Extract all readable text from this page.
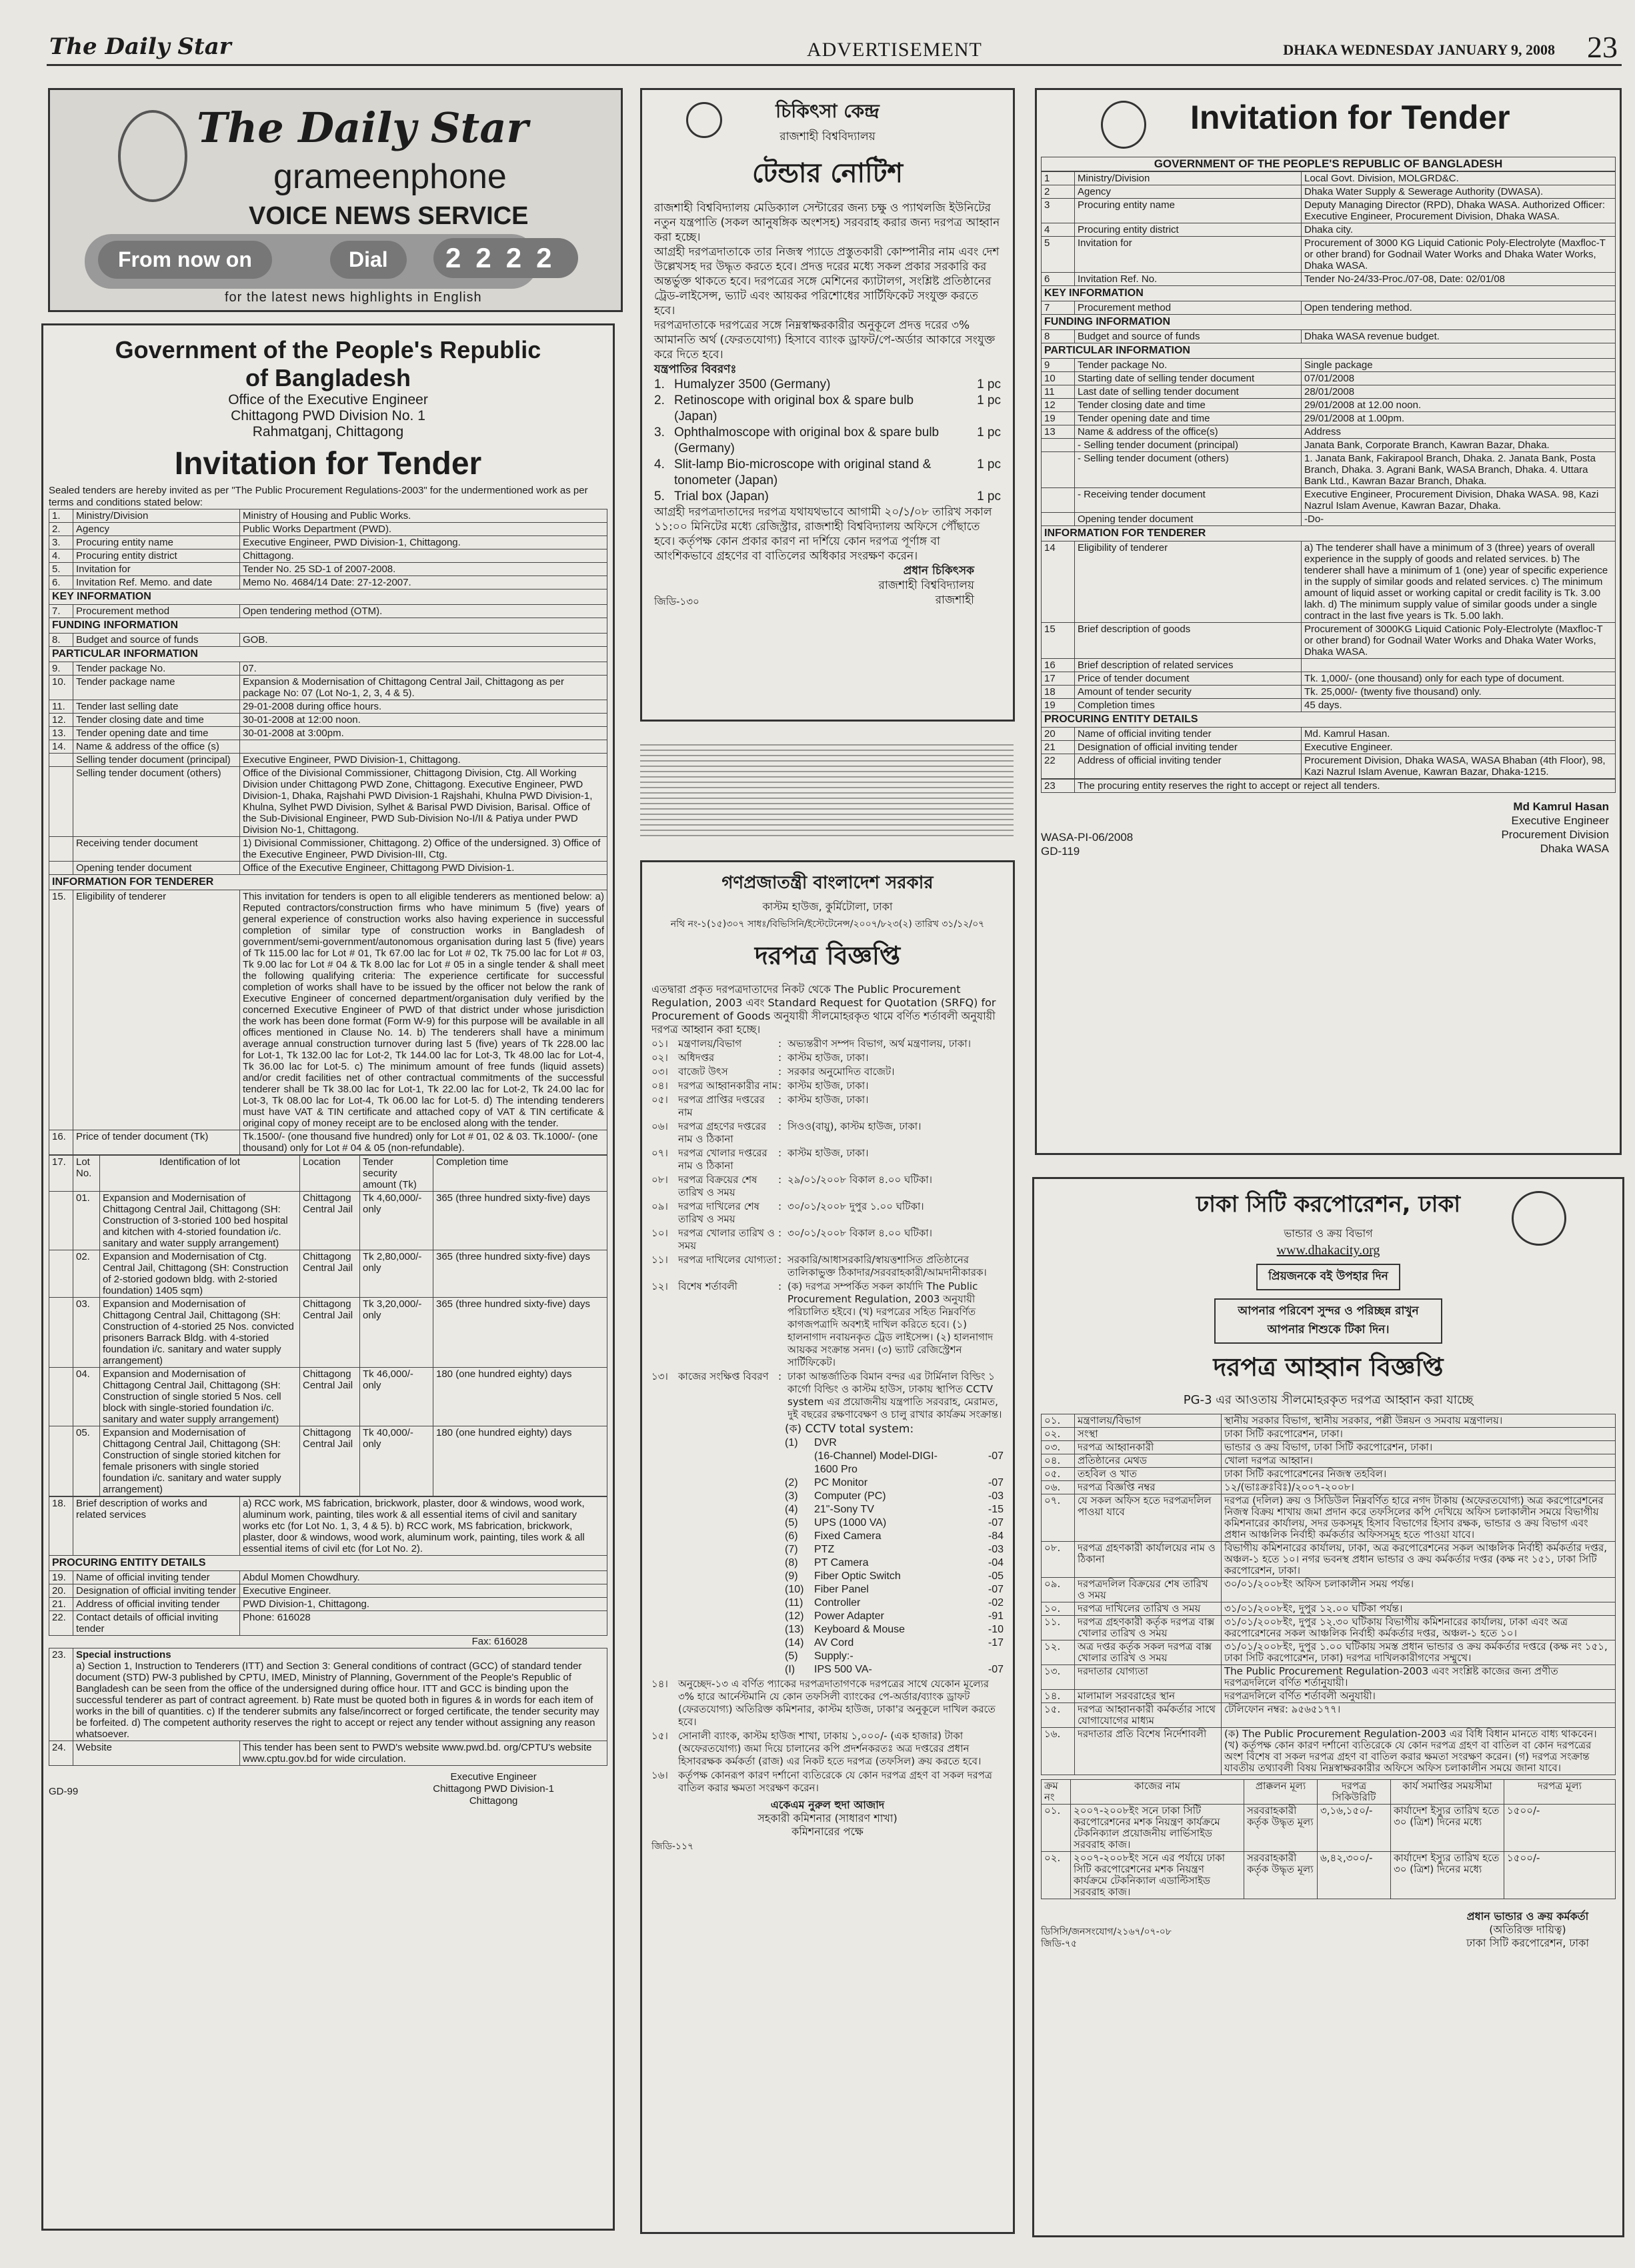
The Daily Star	ADVERTISEMENT	DHAKA WEDNESDAY JANUARY 9, 2008 23
The Daily Star
grameenphone
VOICE NEWS SERVICE
From now on	Dial	2222
for the latest news highlights in English
Government of the People's Republic of Bangladesh
Office of the Executive Engineer
Chittagong PWD Division No. 1
Rahmatganj, Chittagong
Invitation for Tender
Sealed tenders are hereby invited as per "The Public Procurement Regulations-2003" for the undermentioned work as per terms and conditions stated below:
1.	Ministry/Division	Ministry of Housing and Public Works.
2.	Agency	Public Works Department (PWD).
3.	Procuring entity name	Executive Engineer, PWD Division-1, Chittagong.
4.	Procuring entity district	Chittagong.
5.	Invitation for	Tender No. 25 SD-1 of 2007-2008.
6.	Invitation Ref. Memo. and date	Memo No. 4684/14 Date: 27-12-2007.
KEY INFORMATION
7.	Procurement method	Open tendering method (OTM).
FUNDING INFORMATION
8.	Budget and source of funds	GOB.
PARTICULAR INFORMATION
9.	Tender package No.	07.
10.	Tender package name	Expansion & Modernisation of Chittagong Central Jail, Chittagong as per package No: 07 (Lot No-1, 2, 3, 4 & 5).
11.	Tender last selling date	29-01-2008 during office hours.
12.	Tender closing date and time	30-01-2008 at 12:00 noon.
13.	Tender opening date and time	30-01-2008 at 3:00pm.
14.	Name & address of the office (s)	
	Selling tender document (principal)	Executive Engineer, PWD Division-1, Chittagong.
	Selling tender document (others)	Office of the Divisional Commissioner, Chittagong Division, Ctg. All Working Division under Chittagong PWD Zone, Chittagong. Executive Engineer, PWD Division-1, Dhaka, Rajshahi PWD Division-1 Rajshahi, Khulna PWD Division-1, Khulna, Sylhet PWD Division, Sylhet & Barisal PWD Division, Barisal. Office of the Sub-Divisional Engineer, PWD Sub-Division No-I/II & Patiya under PWD Division No-1, Chittagong.
	Receiving tender document	1) Divisional Commissioner, Chittagong. 2) Office of the undersigned. 3) Office of the Executive Engineer, PWD Division-III, Ctg.
	Opening tender document	Office of the Executive Engineer, Chittagong PWD Division-1.
INFORMATION FOR TENDERER
15.	Eligibility of tenderer	This invitation for tenders is open to all eligible tenderers as mentioned below: a) Reputed contractors/construction firms who have minimum 5 (five) years of general experience of construction works also having experience in successful completion of similar type of construction works in Bangladesh of government/semi-government/autonomous organisation during last 5 (five) years of Tk 115.00 lac for Lot # 01, Tk 67.00 lac for Lot # 02, Tk 75.00 lac for Lot # 03, Tk 9.00 lac for Lot # 04 & Tk 8.00 lac for Lot # 05 in a single tender & shall meet the following qualifying criteria: The experience certificate for successful completion of works shall have to be issued by the officer not below the rank of Executive Engineer of concerned department/organisation duly verified by the concerned Executive Engineer of PWD of that district under whose jurisdiction the work has been done format (Form W-9) for this purpose will be available in all offices mentioned in Clause No. 14. b) The tenderers shall have a minimum average annual construction turnover during last 5 (five) years of Tk 228.00 lac for Lot-1, Tk 132.00 lac for Lot-2, Tk 144.00 lac for Lot-3, Tk 48.00 lac for Lot-4, Tk 36.00 lac for Lot-5. c) The minimum amount of free funds (liquid assets) and/or credit facilities net of other contractual commitments of the successful tenderer shall be Tk 38.00 lac for Lot-1, Tk 22.00 lac for Lot-2, Tk 24.00 lac for Lot-3, Tk 08.00 lac for Lot-4, Tk 06.00 lac for Lot-5. d) The intending tenderers must have VAT & TIN certificate and attached copy of VAT & TIN certificate & original copy of money receipt are to be enclosed along with the tender.
16.	Price of tender document (Tk)	Tk.1500/- (one thousand five hundred) only for Lot # 01, 02 & 03. Tk.1000/- (one thousand) only for Lot # 04 & 05 (non-refundable).
17.	Lot No.	Identification of lot	Location	Tender security amount (Tk)	Completion time
	01.	Expansion and Modernisation of Chittagong Central Jail, Chittagong (SH: Construction of 3-storied 100 bed hospital and kitchen with 4-storied foundation i/c. sanitary and water supply arrangement)	Chittagong Central Jail	Tk 4,60,000/- only	365 (three hundred sixty-five) days
	02.	Expansion and Modernisation of Ctg. Central Jail, Chittagong (SH: Construction of 2-storied godown bldg. with 2-storied foundation) 1405 sqm)	Chittagong Central Jail	Tk 2,80,000/- only	365 (three hundred sixty-five) days
	03.	Expansion and Modernisation of Chittagong Central Jail, Chittagong (SH: Construction of 4-storied 25 Nos. convicted prisoners Barrack Bldg. with 4-storied foundation i/c. sanitary and water supply arrangement)	Chittagong Central Jail	Tk 3,20,000/- only	365 (three hundred sixty-five) days
	04.	Expansion and Modernisation of Chittagong Central Jail, Chittagong (SH: Construction of single storied 5 Nos. cell block with single-storied foundation i/c. sanitary and water supply arrangement)	Chittagong Central Jail	Tk 46,000/- only	180 (one hundred eighty) days
	05.	Expansion and Modernisation of Chittagong Central Jail, Chittagong (SH: Construction of single storied kitchen for female prisoners with single storied foundation i/c. sanitary and water supply arrangement)	Chittagong Central Jail	Tk 40,000/- only	180 (one hundred eighty) days
18.	Brief description of works and related services	a) RCC work, MS fabrication, brickwork, plaster, door & windows, wood work, aluminum work, painting, tiles work & all essential items of civil and sanitary works etc (for Lot No. 1, 3, 4 & 5). b) RCC work, MS fabrication, brickwork, plaster, door & windows, wood work, aluminum work, painting, tiles work & all essential items of civil etc (for Lot No. 2).
PROCURING ENTITY DETAILS
19.	Name of official inviting tender	Abdul Momen Chowdhury.
20.	Designation of official inviting tender	Executive Engineer.
21.	Address of official inviting tender	PWD Division-1, Chittagong.
22.	Contact details of official inviting tender	Phone: 616028
Fax: 616028
23.	Special instructions
a) Section 1, Instruction to Tenderers (ITT) and Section 3: General conditions of contract (GCC) of standard tender document (STD) PW-3 published by CPTU, IMED, Ministry of Planning, Government of the People's Republic of Bangladesh can be seen from the office of the undersigned during office hour. ITT and GCC is binding upon the successful tenderer as part of contract agreement. b) Rate must be quoted both in figures & in words for each item of works in the bill of quantities. c) If the tenderer submits any false/incorrect or forged certificate, the tender security may be forfeited. d) The competent authority reserves the right to accept or reject any tender without assigning any reason whatsoever.	
24.	Website	This tender has been sent to PWD's website www.pwd.bd. org/CPTU's website www.cptu.gov.bd for wide circulation.
GD-99
Executive Engineer
Chittagong PWD Division-1
Chittagong
চিকিৎসা কেন্দ্র
রাজশাহী বিশ্ববিদ্যালয়
টেন্ডার নোটিশ
রাজশাহী বিশ্ববিদ্যালয় মেডিক্যাল সেন্টারের জন্য চক্ষু ও প্যাথলজি ইউনিটের নতুন যন্ত্রপাতি (সকল আনুষঙ্গিক অংশসহ) সরবরাহ করার জন্য দরপত্র আহ্বান করা হচ্ছে।
আগ্রহী দরপত্রদাতাকে তার নিজস্ব প্যাডে প্রস্তুতকারী কোম্পানীর নাম এবং দেশ উল্লেখসহ দর উদ্ধৃত করতে হবে। প্রদত্ত দরের মধ্যে সকল প্রকার সরকারি কর অন্তর্ভুক্ত থাকতে হবে। দরপত্রের সঙ্গে মেশিনের ক্যাটালগ, সংশ্লিষ্ট প্রতিষ্ঠানের ট্রেড-লাইসেন্স, ভ্যাট এবং আয়কর পরিশোধের সার্টিফিকেট সংযুক্ত করতে হবে।
দরপত্রদাতাকে দরপত্রের সঙ্গে নিম্নস্বাক্ষরকারীর অনুকূলে প্রদত্ত দরের ৩% আমানতি অর্থ (ফেরতযোগ্য) হিসাবে ব্যাংক ড্রাফট/পে-অর্ডার আকারে সংযুক্ত করে দিতে হবে।
যন্ত্রপাতির বিবরণঃ
1. Humalyzer 3500 (Germany)	1 pc
2. Retinoscope with original box & spare bulb (Japan)
1 pc
3. Ophthalmoscope with original box & spare bulb (Germany)
1 pc
4. Slit-lamp Bio-microscope with original stand & tonometer (Japan)
1 pc
5. Trial box (Japan)	1 pc
আগ্রহী দরপত্রদাতাদের দরপত্র যথাযথভাবে আগামী ২০/১/০৮ তারিখ সকাল ১১:০০ মিনিটের মধ্যে রেজিস্ট্রার, রাজশাহী বিশ্ববিদ্যালয় অফিসে পৌঁছাতে হবে। কর্তৃপক্ষ কোন প্রকার কারণ না দর্শিয়ে কোন দরপত্র পূর্ণাঙ্গ বা আংশিকভাবে গ্রহণের বা বাতিলের অধিকার সংরক্ষণ করেন।
প্রধান চিকিৎসক
রাজশাহী বিশ্ববিদ্যালয়
রাজশাহী
জিডি-১৩০
গণপ্রজাতন্ত্রী বাংলাদেশ সরকার
কাস্টম হাউজ, কুর্মিটোলা, ঢাকা
নথি নং-১(১৫)৩০৭ সাধঃ/বিভিসিনি/ইস্টেটেনেন্স/২০০৭/৮২৩(২) তারিখ ৩১/১২/০৭
দরপত্র বিজ্ঞপ্তি
এতদ্বারা প্রকৃত দরপত্রদাতাদের নিকট থেকে The Public Procurement Regulation, 2003 এবং Standard Request for Quotation (SRFQ) for Procurement of Goods অনুযায়ী সীলমোহরকৃত থামে বর্ণিত শর্তাবলী অনুযায়ী দরপত্র আহ্বান করা হচ্ছে।
০১।	মন্ত্রণালয়/বিভাগ	: অভ্যন্তরীণ সম্পদ বিভাগ, অর্থ মন্ত্রণালয়, ঢাকা।
০২।	অধিদপ্তর	: কাস্টম হাউজ, ঢাকা।
০৩।	বাজেট উৎস	: সরকার অনুমোদিত বাজেট।
০৪।	দরপত্র আহ্বানকারীর নাম : কাস্টম হাউজ, ঢাকা।
০৫।	দরপত্র প্রাপ্তির দপ্তরের নাম
: কাস্টম হাউজ, ঢাকা।
০৬।	দরপত্র গ্রহণের দপ্তরের নাম ও ঠিকানা
: সিওও(বায়ু), কাস্টম হাউজ, ঢাকা।
০৭।	দরপত্র খোলার দপ্তরের নাম ও ঠিকানা
: কাস্টম হাউজ, ঢাকা।
০৮।	দরপত্র বিক্রয়ের শেষ তারিখ ও সময়
: ২৯/০১/২০০৮ বিকাল ৪.০০ ঘটিকা।
০৯।	দরপত্র দাখিলের শেষ তারিখ ও সময়
: ৩০/০১/২০০৮ দুপুর ১.০০ ঘটিকা।
১০।	দরপত্র খোলার তারিখ ও সময়
: ৩০/০১/২০০৮ বিকাল ৪.০০ ঘটিকা।
১১।	দরপত্র দাখিলের যোগ্যতা : সরকারি/আধাসরকারি/স্বায়ত্তশাসিত প্রতিষ্ঠানের তালিকাভুক্ত ঠিকাদার/সরবরাহকারী/আমদানীকারক।
১২।	বিশেষ শর্তাবলী	: (ক) দরপত্র সম্পর্কিত সকল কার্যাদি The Public Procurement Regulation, 2003 অনুযায়ী পরিচালিত হইবে। (খ) দরপত্রের সহিত নিম্নবর্ণিত কাগজপত্রাদি অবশ্যই দাখিল করিতে হবে। (১) হালনাগাদ নবায়নকৃত ট্রেড লাইসেন্স। (২) হালনাগাদ আয়কর সংক্রান্ত সনদ। (৩) ভ্যাট রেজিস্ট্রেশন সার্টিফিকেট।
১৩।	কাজের সংক্ষিপ্ত বিবরণ : ঢাকা আন্তর্জাতিক বিমান বন্দর এর টার্মিনাল বিল্ডিং ১ কার্গো বিল্ডিং ও কাস্টম হাউস, ঢাকায় স্থাপিত CCTV system এর প্রয়োজনীয় যন্ত্রপাতি সরবরাহ, মেরামত, দুই বছরের রক্ষণাবেক্ষণ ও চালু রাখার কার্যক্রম সংক্রান্ত।
(ক) CCTV total system:
(1)	DVR
(16-Channel) Model-DIGI-1600 Pro
-07
(2)	PC Monitor	-07
(3)	Computer (PC)	-03
(4)	21"-Sony TV	-15
(5)	UPS (1000 VA)	-07
(6)	Fixed Camera	-84
(7)	PTZ	-03
(8)	PT Camera	-04
(9)	Fiber Optic Switch	-05
(10) Fiber Panel	-07
(11)	Controller	-02
(12) Power Adapter	-91
(13) Keyboard & Mouse	-10
(14) AV Cord	-17
(5)	Supply:-
(I)	IPS 500 VA-	-07
১৪।	অনুচ্ছেদ-১৩ এ বর্ণিত প্যাকের দরপত্রদাতাগণকে দরপত্রের সাথে যেকোন মূল্যের ৩% হারে আর্নেস্টমানি যে কোন তফসিলী ব্যাংকের পে-অর্ডার/ব্যাংক ড্রাফট (ফেরতযোগ্য) অতিরিক্ত কমিশনার, কাস্টম হাউজ, ঢাকা'র অনুকূলে দাখিল করতে হবে।
১৫।	সোনালী ব্যাংক, কাস্টম হাউজ শাখা, ঢাকায় ১,০০০/- (এক হাজার) টাকা (অফেরতযোগ্য) জমা দিয়ে চালানের কপি প্রদর্শনকরতঃ অত্র দপ্তরের প্রধান হিসাবরক্ষক কর্মকর্তা (রাজ) এর নিকট হতে দরপত্র (তফসিল) ক্রয় করতে হবে।
১৬।	কর্তৃপক্ষ কোনরূপ কারণ দর্শানো ব্যতিরেকে যে কোন দরপত্র গ্রহণ বা সকল দরপত্র বাতিল করার ক্ষমতা সংরক্ষণ করেন।
একেএম নুরুল হুদা আজাদ
সহকারী কমিশনার (সাধারণ শাখা)
কমিশনারের পক্ষে
জিডি-১১৭
Invitation for Tender
GOVERNMENT OF THE PEOPLE'S REPUBLIC OF BANGLADESH
1	Ministry/Division	Local Govt. Division, MOLGRD&C.
2	Agency	Dhaka Water Supply & Sewerage Authority (DWASA).
3	Procuring entity name	Deputy Managing Director (RPD), Dhaka WASA. Authorized Officer: Executive Engineer, Procurement Division, Dhaka WASA.
4	Procuring entity district	Dhaka city.
5	Invitation for	Procurement of 3000 KG Liquid Cationic Poly-Electrolyte (Maxfloc-T or other brand) for Godnail Water Works and Dhaka Water Works, Dhaka WASA.
6	Invitation Ref. No.	Tender No-24/33-Proc./07-08, Date: 02/01/08
KEY INFORMATION
7	Procurement method	Open tendering method.
FUNDING INFORMATION
8	Budget and source of funds	Dhaka WASA revenue budget.
PARTICULAR INFORMATION
9	Tender package No.	Single package
10	Starting date of selling tender document	07/01/2008
11	Last date of selling tender document	28/01/2008
12	Tender closing date and time	29/01/2008 at 12.00 noon.
19	Tender opening date and time	29/01/2008 at 1.00pm.
13	Name & address of the office(s)	Address
	- Selling tender document (principal)	Janata Bank, Corporate Branch, Kawran Bazar, Dhaka.
	- Selling tender document (others)	1. Janata Bank, Fakirapool Branch, Dhaka. 2. Janata Bank, Posta Branch, Dhaka. 3. Agrani Bank, WASA Branch, Dhaka. 4. Uttara Bank Ltd., Kawran Bazar Branch, Dhaka.
	- Receiving tender document	Executive Engineer, Procurement Division, Dhaka WASA. 98, Kazi Nazrul Islam Avenue, Kawran Bazar, Dhaka.
	Opening tender document	-Do-
INFORMATION FOR TENDERER
14	Eligibility of tenderer	a) The tenderer shall have a minimum of 3 (three) years of overall experience in the supply of goods and related services. b) The tenderer shall have a minimum of 1 (one) year of specific experience in the supply of similar goods and related services. c) The minimum amount of liquid asset or working capital or credit facility is Tk. 3.00 lakh. d) The minimum supply value of similar goods under a single contract in the last five years is Tk. 5.00 lakh.
15	Brief description of goods	Procurement of 3000KG Liquid Cationic Poly-Electrolyte (Maxfloc-T or other brand) for Godnail Water Works and Dhaka Water Works, Dhaka WASA.
16	Brief description of related services	
17	Price of tender document	Tk. 1,000/- (one thousand) only for each type of document.
18	Amount of tender security	Tk. 25,000/- (twenty five thousand) only.
19	Completion times	45 days.
PROCURING ENTITY DETAILS
20	Name of official inviting tender	Md. Kamrul Hasan.
21	Designation of official inviting tender	Executive Engineer.
22	Address of official inviting tender	Procurement Division, Dhaka WASA, WASA Bhaban (4th Floor), 98, Kazi Nazrul Islam Avenue, Kawran Bazar, Dhaka-1215.
23	The procuring entity reserves the right to accept or reject all tenders.
Md Kamrul Hasan
Executive Engineer
Procurement Division
Dhaka WASA
WASA-PI-06/2008
GD-119
ঢাকা সিটি করপোরেশন, ঢাকা
ভান্ডার ও ক্রয় বিভাগ
www.dhakacity.org
প্রিয়জনকে বই উপহার দিন
আপনার পরিবেশ সুন্দর ও পরিচ্ছন্ন রাখুন
আপনার শিশুকে টিকা দিন।
দরপত্র আহ্বান বিজ্ঞপ্তি
PG-3 এর আওতায় সীলমোহরকৃত দরপত্র আহ্বান করা যাচ্ছে
০১.	মন্ত্রণালয়/বিভাগ	স্থানীয় সরকার বিভাগ, স্থানীয় সরকার, পল্লী উন্নয়ন ও সমবায় মন্ত্রণালয়।
০২.	সংস্থা	ঢাকা সিটি করপোরেশন, ঢাকা।
০৩.	দরপত্র আহ্বানকারী	ভান্ডার ও ক্রয় বিভাগ, ঢাকা সিটি করপোরেশন, ঢাকা।
০৪.	প্রতিষ্ঠানের মেথড	খোলা দরপত্র আহ্বান।
০৫.	তহবিল ও খাত	ঢাকা সিটি করপোরেশনের নিজস্ব তহবিল।
০৬.	দরপত্র বিজ্ঞপ্তি নম্বর	১২/(ভাঃক্রঃবিঃ)/২০০৭-২০০৮।
০৭.	যে সকল অফিস হতে দরপত্রদলিল পাওয়া যাবে	দরপত্র (দলিল) ক্রয় ও সিডিউল নিম্নবর্ণিত হারে নগদ টাকায় (অফেরতযোগ্য) অত্র করপোরেশনের নিজস্ব বিক্রয় শাখায় জমা প্রদান করে তফসিলের কপি দেখিয়ে অফিস চলাকালীন সময়ে বিভাগীয় কমিশনারের কার্যালয়, সদর ডকসমূহ হিসাব বিভাগের হিসাব রক্ষক, ভান্ডার ও ক্রয় বিভাগ এবং প্রধান আঞ্চলিক নির্বাহী কর্মকর্তার অফিসসমূহ হতে পাওয়া যাবে।
০৮.	দরপত্র গ্রহণকারী কার্যালয়ের নাম ও ঠিকানা	বিভাগীয় কমিশনারের কার্যালয়, ঢাকা, অত্র করপোরেশনের সকল আঞ্চলিক নির্বাহী কর্মকর্তার দপ্তর, অঞ্চল-১ হতে ১০। নগর ভবনস্থ প্রধান ভান্ডার ও ক্রয় কর্মকর্তার দপ্তর (কক্ষ নং ১৫১, ঢাকা সিটি করপোরেশন, ঢাকা।
০৯.	দরপত্রদলিল বিক্রয়ের শেষ তারিখ ও সময়	৩০/০১/২০০৮ইং অফিস চলাকালীন সময় পর্যন্ত।
১০.	দরপত্র দাখিলের তারিখ ও সময়	৩১/০১/২০০৮ইং, দুপুর ১২.০০ ঘটিকা পর্যন্ত।
১১.	দরপত্র গ্রহণকারী কর্তৃক দরপত্র বাক্স খোলার তারিখ ও সময়	৩১/০১/২০০৮ইং, দুপুর ১২.৩০ ঘটিকায় বিভাগীয় কমিশনারের কার্যালয়, ঢাকা এবং অত্র করপোরেশনের সকল আঞ্চলিক নির্বাহী কর্মকর্তার দপ্তর, অঞ্চল-১ হতে ১০।
১২.	অত্র দপ্তর কর্তৃক সকল দরপত্র বাক্স খোলার তারিখ ও সময়	৩১/০১/২০০৮ইং, দুপুর ১.০০ ঘটিকায় সমস্ত প্রধান ভান্ডার ও ক্রয় কর্মকর্তার দপ্তরে (কক্ষ নং ১৫১, ঢাকা সিটি করপোরেশন, ঢাকা) দরপত্র দাখিলকারীগণের সম্মুখে।
১৩.	দরদাতার যোগ্যতা	The Public Procurement Regulation-2003 এবং সংশ্লিষ্ট কাজের জন্য প্রণীত দরপত্রদলিলে বর্ণিত শর্তানুযায়ী।
১৪.	মালামাল সরবরাহের স্থান	দরপত্রদলিলে বর্ণিত শর্তাবলী অনুযায়ী।
১৫.	দরপত্র আহ্বানকারী কর্মকর্তার সাথে যোগাযোগের মাধ্যম	টেলিফোন নম্বর: ৯৫৬৫১৭৭।
১৬.	দরদাতার প্রতি বিশেষ নির্দেশাবলী	(ক) The Public Procurement Regulation-2003 এর বিধি বিধান মানতে বাধ্য থাকবেন। (খ) কর্তৃপক্ষ কোন কারণ দর্শানো ব্যতিরেকে যে কোন দরপত্র গ্রহণ বা বাতিল বা কোন দরপত্রের অংশ বিশেষ বা সকল দরপত্র গ্রহণ বা বাতিল করার ক্ষমতা সংরক্ষণ করেন। (গ) দরপত্র সংক্রান্ত যাবতীয় তথ্যাবলী বিষয় নিম্নস্বাক্ষরকারীর অফিসে অফিস চলাকালীন সময়ে জানা যাবে।
ক্রম নং	কাজের নাম	প্রাক্কলন মূল্য	দরপত্র সিকিউরিটি	কার্য সমাপ্তির সময়সীমা	দরপত্র মূল্য
০১.	২০০৭-২০০৮ইং সনে ঢাকা সিটি করপোরেশনের মশক নিয়ন্ত্রণ কার্যক্রমে টেকনিক্যাল প্রয়োজনীয় লার্ভিসাইড সরবরাহ কাজ।	সরবরাহকারী কর্তৃক উদ্ধৃত মূল্য	৩,১৬,১৫০/-	কার্যাদেশ ইস্যুর তারিখ হতে ৩০ (ত্রিশ) দিনের মধ্যে	১৫০০/-
০২.	২০০৭-২০০৮ইং সনে এর পর্যায়ে ঢাকা সিটি করপোরেশনের মশক নিয়ন্ত্রণ কার্যক্রমে টেকনিক্যাল এডাল্টিসাইড সরবরাহ কাজ।	সরবরাহকারী কর্তৃক উদ্ধৃত মূল্য	৬,৪২,৩০০/-	কার্যাদেশ ইস্যুর তারিখ হতে ৩০ (ত্রিশ) দিনের মধ্যে	১৫০০/-
প্রধান ভান্ডার ও ক্রয় কর্মকর্তা
(অতিরিক্ত দায়িত্ব)
ঢাকা সিটি করপোরেশন, ঢাকা
ডিসিসি/জনসংযোগ/২১৬৭/০৭-০৮
জিডি-৭৫
